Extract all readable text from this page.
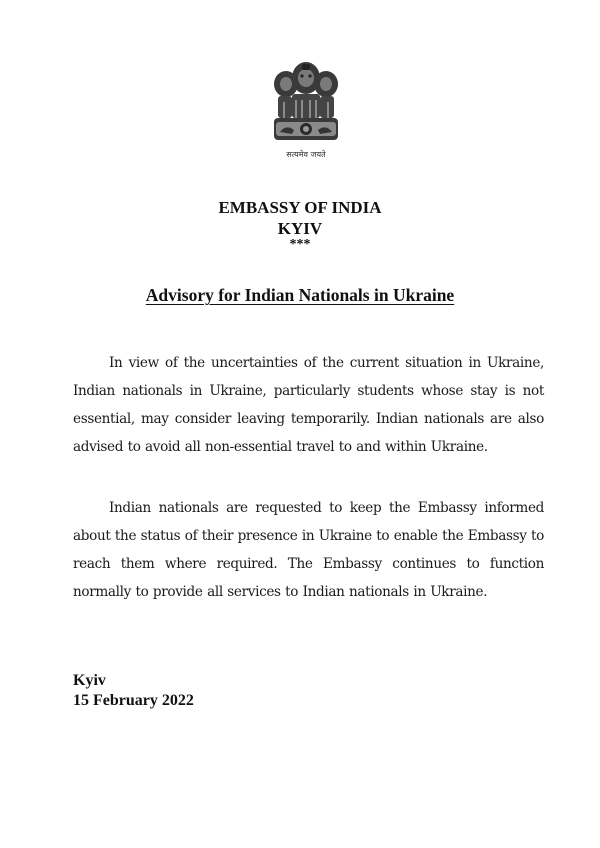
सत्यमेव जयते
EMBASSY OF INDIA
KYIV
***
Advisory for Indian Nationals in Ukraine

In view of the uncertainties of the current situation in Ukraine, Indian nationals in Ukraine, particularly students whose stay is not essential, may consider leaving temporarily. Indian nationals are also advised to avoid all non-essential travel to and within Ukraine.

Indian nationals are requested to keep the Embassy informed about the status of their presence in Ukraine to enable the Embassy to reach them where required. The Embassy continues to function normally to provide all services to Indian nationals in Ukraine.

Kyiv
15 February 2022
